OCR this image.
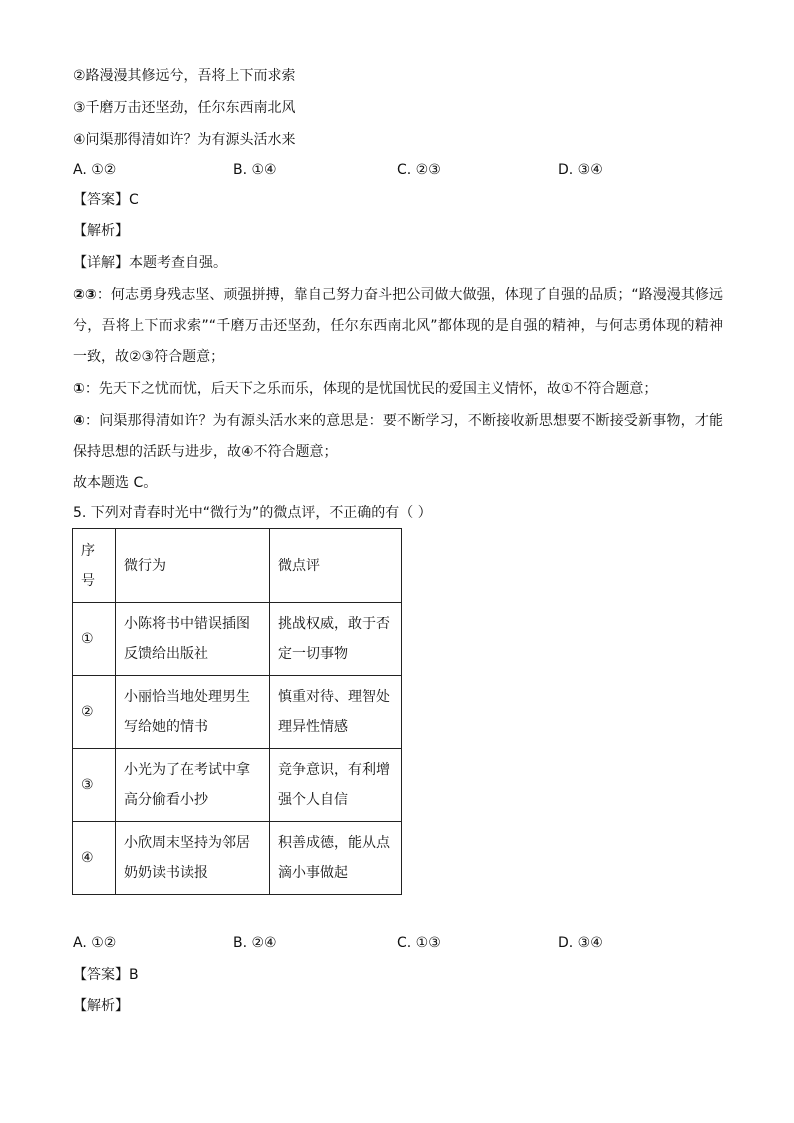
②路漫漫其修远兮，吾将上下而求索
③千磨万击还坚劲，任尔东西南北风
④问渠那得清如许？为有源头活水来
A. ①②	B. ①④	C. ②③	D. ③④
【答案】C
【解析】
【详解】本题考查自强。
②③：何志勇身残志坚、顽强拼搏，靠自己努力奋斗把公司做大做强，体现了自强的品质；“路漫漫其修远兮，吾将上下而求索”“千磨万击还坚劲，任尔东西南北风”都体现的是自强的精神，与何志勇体现的精神一致，故②③符合题意；
①：先天下之忧而忧，后天下之乐而乐，体现的是忧国忧民的爱国主义情怀，故①不符合题意；
④：问渠那得清如许？为有源头活水来的意思是：要不断学习，不断接收新思想要不断接受新事物，才能保持思想的活跃与进步，故④不符合题意；
故本题选 C。
5. 下列对青春时光中“微行为”的微点评，不正确的有（ ）
序号	微行为	微点评
①	小陈将书中错误插图反馈给出版社	挑战权威，敢于否定一切事物
②	小丽恰当地处理男生写给她的情书	慎重对待、理智处理异性情感
③	小光为了在考试中拿高分偷看小抄	竞争意识，有利增强个人自信
④	小欣周末坚持为邻居奶奶读书读报	积善成德，能从点滴小事做起
A. ①②	B. ②④	C. ①③	D. ③④
【答案】B
【解析】
